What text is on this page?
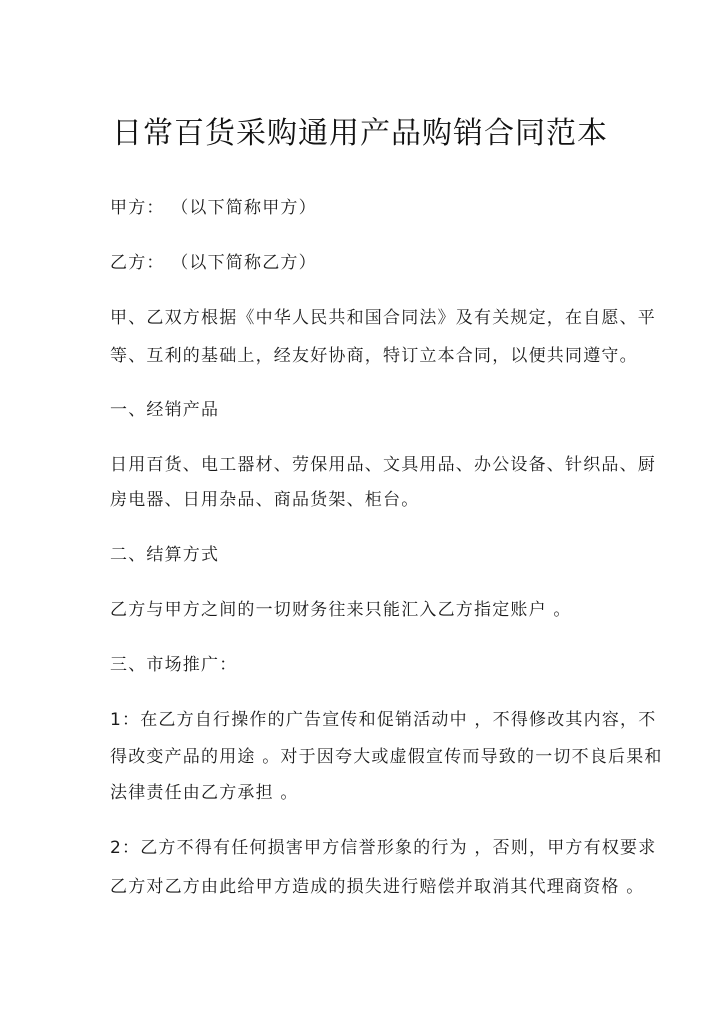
日常百货采购通用产品购销合同范本

甲方： （以下简称甲方）

乙方： （以下简称乙方）

甲、乙双方根据《中华人民共和国合同法》及有关规定，在自愿、平

等、互利的基础上，经友好协商，特订立本合同，以便共同遵守。

一、经销产品

日用百货、电工器材、劳保用品、文具用品、办公设备、针织品、厨

房电器、日用杂品、商品货架、柜台。

二、结算方式

乙方与甲方之间的一切财务往来只能汇入乙方指定账户 。

三、市场推广：

1：在乙方自行操作的广告宣传和促销活动中 ，不得修改其内容，不

得改变产品的用途 。对于因夸大或虚假宣传而导致的一切不良后果和

法律责任由乙方承担 。

2：乙方不得有任何损害甲方信誉形象的行为 ，否则，甲方有权要求

乙方对乙方由此给甲方造成的损失进行赔偿并取消其代理商资格 。
